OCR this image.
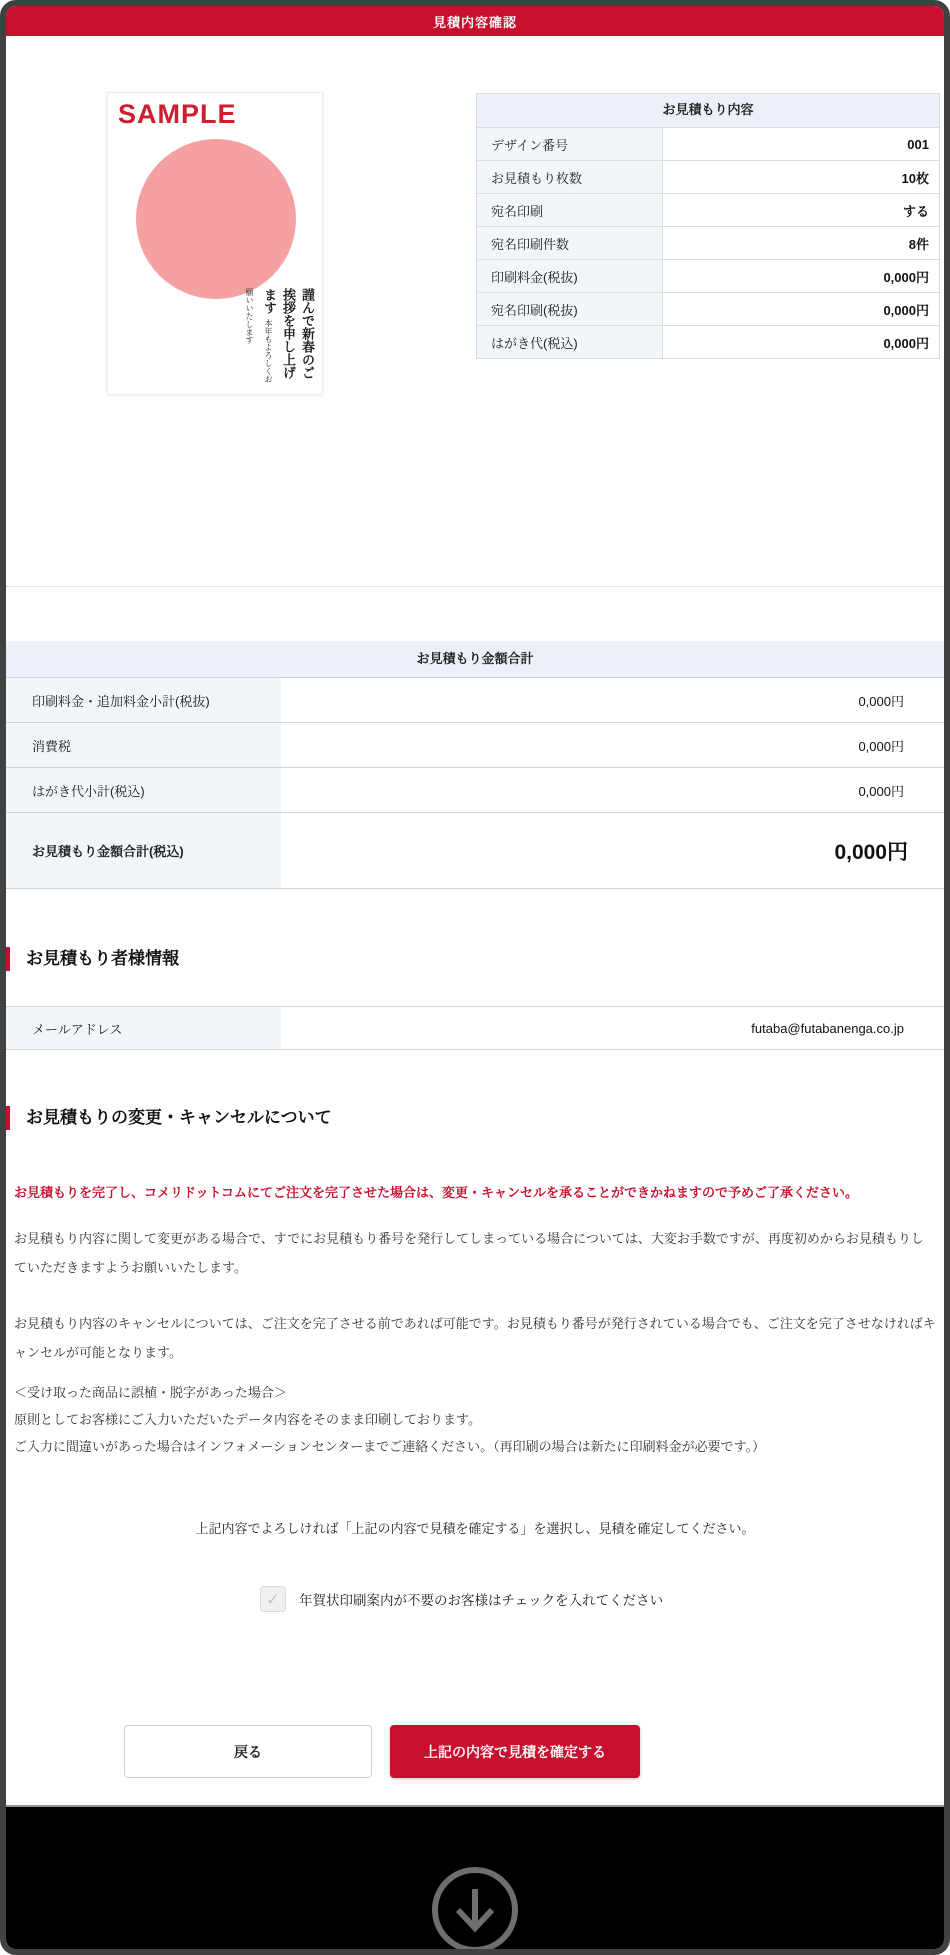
見積内容確認
SAMPLE
謹んで新春のご挨拶を申し上げます 本年もよろしくお願いいたします
お見積もり内容
デザイン番号	001
お見積もり枚数	10枚
宛名印刷	する
宛名印刷件数	8件
印刷料金(税抜)	0,000円
宛名印刷(税抜)	0,000円
はがき代(税込)	0,000円
お見積もり金額合計
印刷料金・追加料金小計(税抜)	0,000円
消費税	0,000円
はがき代小計(税込)	0,000円
お見積もり金額合計(税込)	0,000円
お見積もり者様情報
メールアドレス	futaba@futabanenga.co.jp
お見積もりの変更・キャンセルについて

お見積もりを完了し、コメリドットコムにてご注文を完了させた場合は、変更・キャンセルを承ることができかねますので予めご了承ください。

お見積もり内容に関して変更がある場合で、すでにお見積もり番号を発行してしまっている場合については、大変お手数ですが、再度初めからお見積もりしていただきますようお願いいたします。

お見積もり内容のキャンセルについては、ご注文を完了させる前であれば可能です。お見積もり番号が発行されている場合でも、ご注文を完了させなければキャンセルが可能となります。

＜受け取った商品に誤植・脱字があった場合＞

原則としてお客様にご入力いただいたデータ内容をそのまま印刷しております。

ご入力に間違いがあった場合はインフォメーションセンターまでご連絡ください。（再印刷の場合は新たに印刷料金が必要です。）

上記内容でよろしければ「上記の内容で見積を確定する」を選択し、見積を確定してください。

✓ 年賀状印刷案内が不要のお客様はチェックを入れてください
戻る	上記の内容で見積を確定する
